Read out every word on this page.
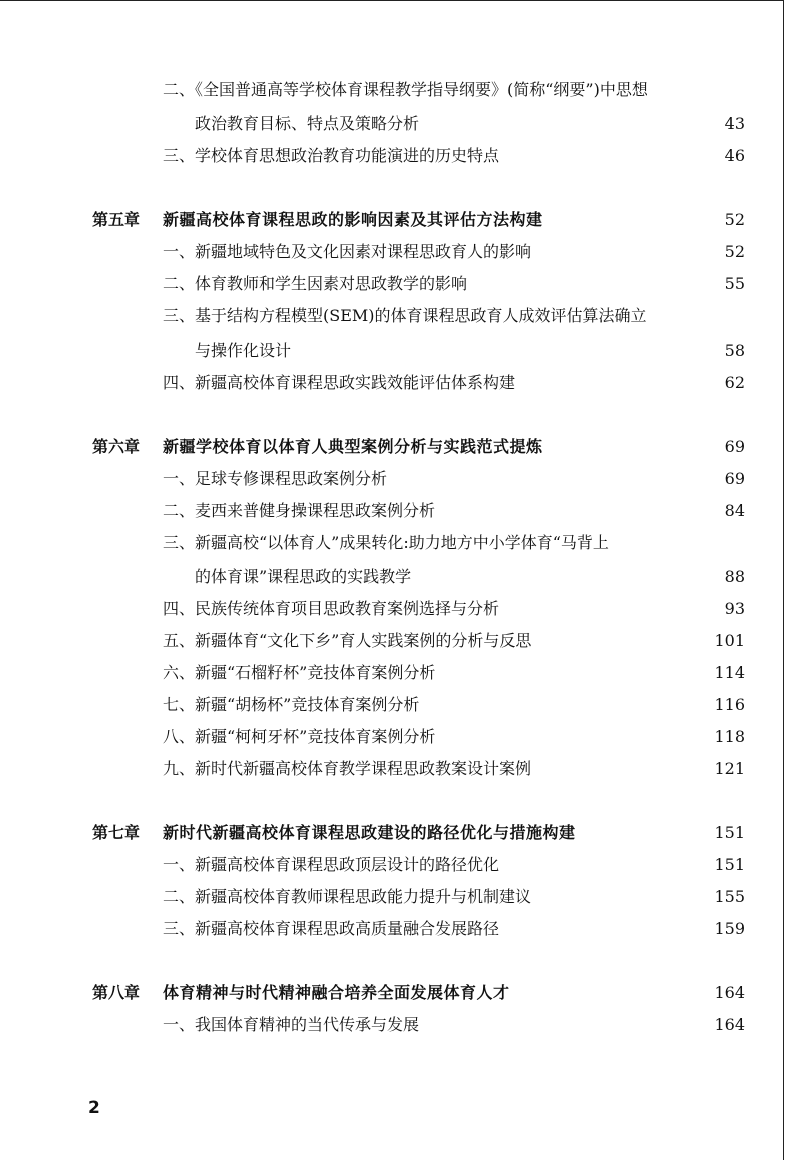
二、《全国普通高等学校体育课程教学指导纲要》(简称“纲要”)中思想
政治教育目标、特点及策略分析	43
三、学校体育思想政治教育功能演进的历史特点	46
第五章 新疆高校体育课程思政的影响因素及其评估方法构建	52
一、新疆地域特色及文化因素对课程思政育人的影响	52
二、体育教师和学生因素对思政教学的影响	55
三、基于结构方程模型(SEM)的体育课程思政育人成效评估算法确立
与操作化设计	58
四、新疆高校体育课程思政实践效能评估体系构建	62
第六章 新疆学校体育以体育人典型案例分析与实践范式提炼	69
一、足球专修课程思政案例分析	69
二、麦西来普健身操课程思政案例分析	84
三、新疆高校“以体育人”成果转化:助力地方中小学体育“马背上
的体育课”课程思政的实践教学	88
四、民族传统体育项目思政教育案例选择与分析	93
五、新疆体育“文化下乡”育人实践案例的分析与反思	101
六、新疆“石榴籽杯”竞技体育案例分析	114
七、新疆“胡杨杯”竞技体育案例分析	116
八、新疆“柯柯牙杯”竞技体育案例分析	118
九、新时代新疆高校体育教学课程思政教案设计案例	121
第七章 新时代新疆高校体育课程思政建设的路径优化与措施构建	151
一、新疆高校体育课程思政顶层设计的路径优化	151
二、新疆高校体育教师课程思政能力提升与机制建议	155
三、新疆高校体育课程思政高质量融合发展路径	159
第八章 体育精神与时代精神融合培养全面发展体育人才	164
一、我国体育精神的当代传承与发展	164
2
